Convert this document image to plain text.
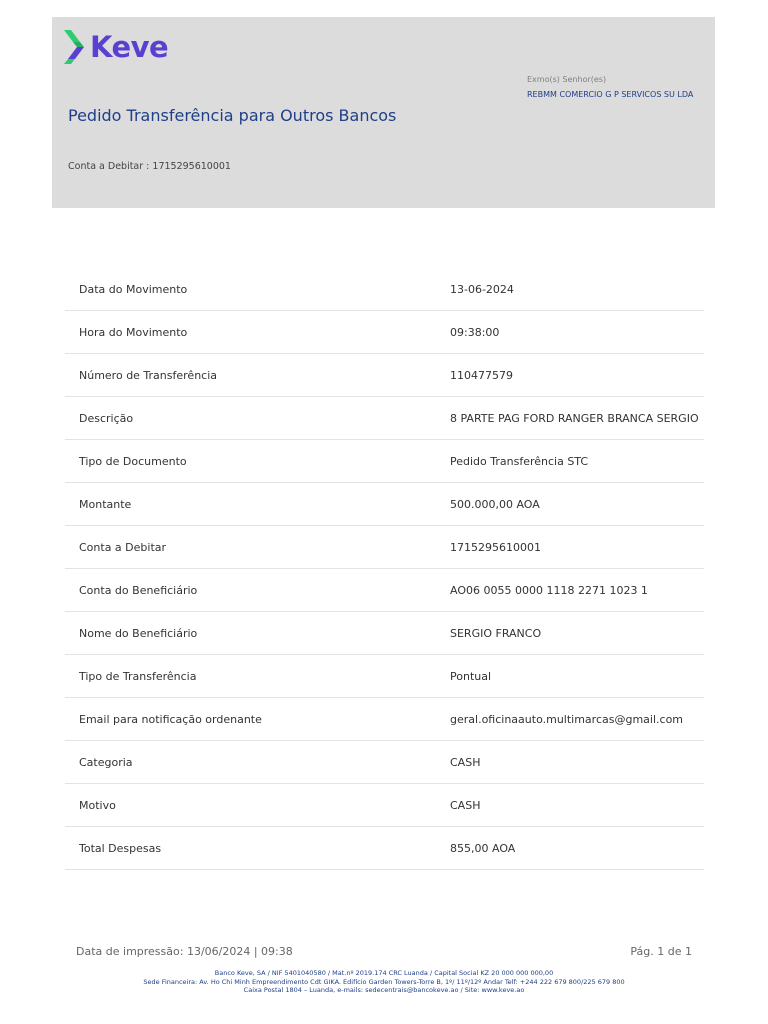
Keve
Exmo(s) Senhor(es)
REBMM COMERCIO G P SERVICOS SU LDA
Pedido Transferência para Outros Bancos
Conta a Debitar : 1715295610001
Data do Movimento	13-06-2024
Hora do Movimento	09:38:00
Número de Transferência	110477579
Descrição	8 PARTE PAG FORD RANGER BRANCA SERGIO
Tipo de Documento	Pedido Transferência STC
Montante	500.000,00 AOA
Conta a Debitar	1715295610001
Conta do Beneficiário	AO06 0055 0000 1118 2271 1023 1
Nome do Beneficiário	SERGIO FRANCO
Tipo de Transferência	Pontual
Email para notificação ordenante	geral.oficinaauto.multimarcas@gmail.com
Categoria	CASH
Motivo	CASH
Total Despesas	855,00 AOA
Data de impressão: 13/06/2024 | 09:38	Pág. 1 de 1
Banco Keve, SA / NIF 5401040580 / Mat.nº 2019.174 CRC Luanda / Capital Social KZ 20 000 000 000,00
Sede Financeira: Av. Ho Chi Minh Empreendimento Cdt GIKA. Edifício Garden Towers-Torre B, 1º/ 11º/12º Andar Telf: +244 222 679 800/225 679 800
Caixa Postal 1804 – Luanda, e-mails: sedecentrais@bancokeve.ao / Site: www.keve.ao
